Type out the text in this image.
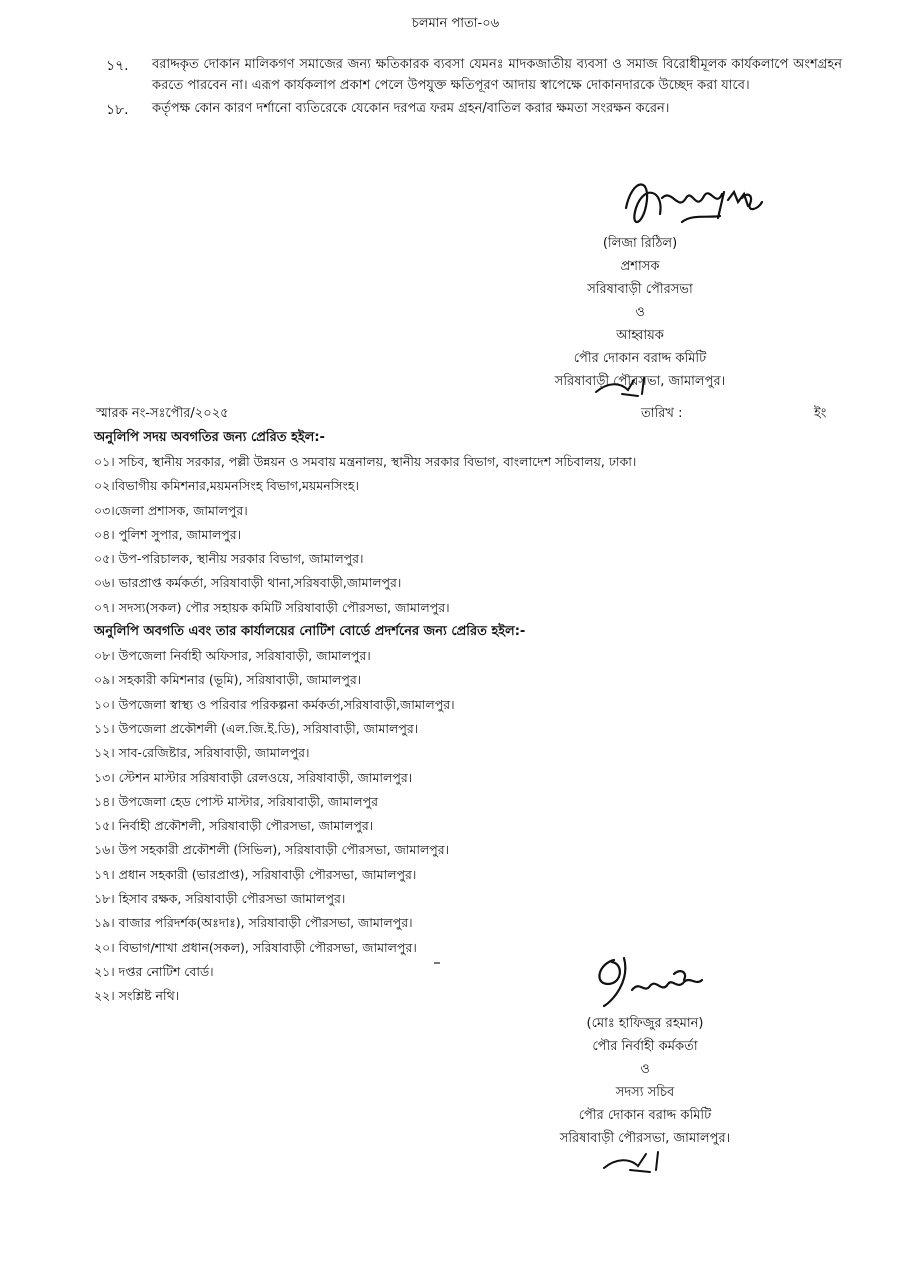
চলমান পাতা-০৬
১৭.	বরাদ্দকৃত দোকান মালিকগণ সমাজের জন্য ক্ষতিকারক ব্যবসা যেমনঃ মাদকজাতীয় ব্যবসা ও সমাজ বিরোধীমূলক কার্যকলাপে অংশগ্রহন করতে পারবেন না। এরূপ কার্যকলাপ প্রকাশ পেলে উপযুক্ত ক্ষতিপূরণ আদায় স্বাপেক্ষে দোকানদারকে উচ্ছেদ করা যাবে।
১৮.	কর্তৃপক্ষ কোন কারণ দর্শানো ব্যতিরেকে যেকোন দরপত্র ফরম গ্রহন/বাতিল করার ক্ষমতা সংরক্ষন করেন।
(লিজা রিঠিল)
প্রশাসক
সরিষাবাড়ী পৌরসভা
ও
আহ্বায়ক
পৌর দোকান বরাদ্দ কমিটি
সরিষাবাড়ী পৌরসভা, জামালপুর।
স্মারক নং-সঃপৌর/২০২৫	তারিখ :	ইং
অনুলিপি সদয় অবগতির জন্য প্রেরিত হইল:-
০১। সচিব, স্থানীয় সরকার, পল্লী উন্নয়ন ও সমবায় মন্ত্রনালয়, স্থানীয় সরকার বিভাগ, বাংলাদেশ সচিবালয়, ঢাকা।
০২।বিভাগীয় কমিশনার,ময়মনসিংহ বিভাগ,ময়মনসিংহ।
০৩।জেলা প্রশাসক, জামালপুর।
০৪। পুলিশ সুপার, জামালপুর।
০৫। উপ-পরিচালক, স্থানীয় সরকার বিভাগ, জামালপুর।
০৬। ভারপ্রাপ্ত কর্মকর্তা, সরিষাবাড়ী থানা,সরিষবাড়ী,জামালপুর।
০৭। সদস্য(সকল) পৌর সহায়ক কমিটি সরিষাবাড়ী পৌরসভা, জামালপুর।
অনুলিপি অবগতি এবং তার কার্যালয়ের নোটিশ বোর্ডে প্রদর্শনের জন্য প্রেরিত হইল:-
০৮। উপজেলা নির্বাহী অফিসার, সরিষাবাড়ী, জামালপুর।
০৯। সহকারী কমিশনার (ভূমি), সরিষাবাড়ী, জামালপুর।
১০। উপজেলা স্বাস্থ্য ও পরিবার পরিকল্পনা কর্মকর্তা,সরিষাবাড়ী,জামালপুর।
১১। উপজেলা প্রকৌশলী (এল.জি.ই.ডি), সরিষাবাড়ী, জামালপুর।
১২। সাব-রেজিষ্টার, সরিষাবাড়ী, জামালপুর।
১৩। স্টেশন মাস্টার সরিষাবাড়ী রেলওয়ে, সরিষাবাড়ী, জামালপুর।
১৪। উপজেলা হেড পোস্ট মাস্টার, সরিষাবাড়ী, জামালপুর
১৫। নির্বাহী প্রকৌশলী, সরিষাবাড়ী পৌরসভা, জামালপুর।
১৬। উপ সহকারী প্রকৌশলী (সিভিল), সরিষাবাড়ী পৌরসভা, জামালপুর।
১৭। প্রধান সহকারী (ভারপ্রাপ্ত), সরিষাবাড়ী পৌরসভা, জামালপুর।
১৮। হিসাব রক্ষক, সরিষাবাড়ী পৌরসভা জামালপুর।
১৯। বাজার পরিদর্শক(অঃদাঃ), সরিষাবাড়ী পৌরসভা, জামালপুর।
২০। বিভাগ/শাখা প্রধান(সকল), সরিষাবাড়ী পৌরসভা, জামালপুর।
২১। দপ্তর নোটিশ বোর্ড।
২২। সংশ্লিষ্ট নথি।
(মোঃ হাফিজুর রহমান)
পৌর নির্বাহী কর্মকর্তা
ও
সদস্য সচিব
পৌর দোকান বরাদ্দ কমিটি
সরিষাবাড়ী পৌরসভা, জামালপুর।
